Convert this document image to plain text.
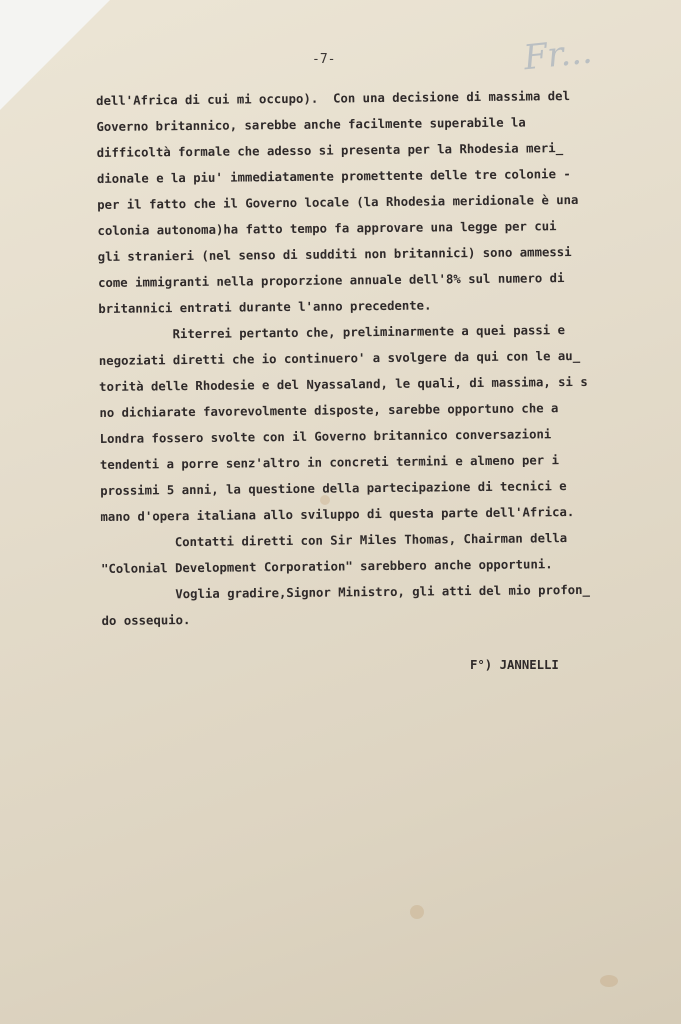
Fr...
-7-
dell'Africa di cui mi occupo).  Con una decisione di massima del
Governo britannico, sarebbe anche facilmente superabile la
difficoltà formale che adesso si presenta per la Rhodesia meri_
dionale e la piu' immediatamente promettente delle tre colonie -
per il fatto che il Governo locale (la Rhodesia meridionale è una
colonia autonoma)ha fatto tempo fa approvare una legge per cui
gli stranieri (nel senso di sudditi non britannici) sono ammessi
come immigranti nella proporzione annuale dell'8% sul numero di
britannici entrati durante l'anno precedente.
Riterrei pertanto che, preliminarmente a quei passi e
negoziati diretti che io continuero' a svolgere da qui con le au_
torità delle Rhodesie e del Nyassaland, le quali, di massima, si s
no dichiarate favorevolmente disposte, sarebbe opportuno che a
Londra fossero svolte con il Governo britannico conversazioni
tendenti a porre senz'altro in concreti termini e almeno per i
prossimi 5 anni, la questione della partecipazione di tecnici e
mano d'opera italiana allo sviluppo di questa parte dell'Africa.
Contatti diretti con Sir Miles Thomas, Chairman della
"Colonial Development Corporation" sarebbero anche opportuni.
Voglia gradire,Signor Ministro, gli atti del mio profon_
do ossequio.
F°) JANNELLI
